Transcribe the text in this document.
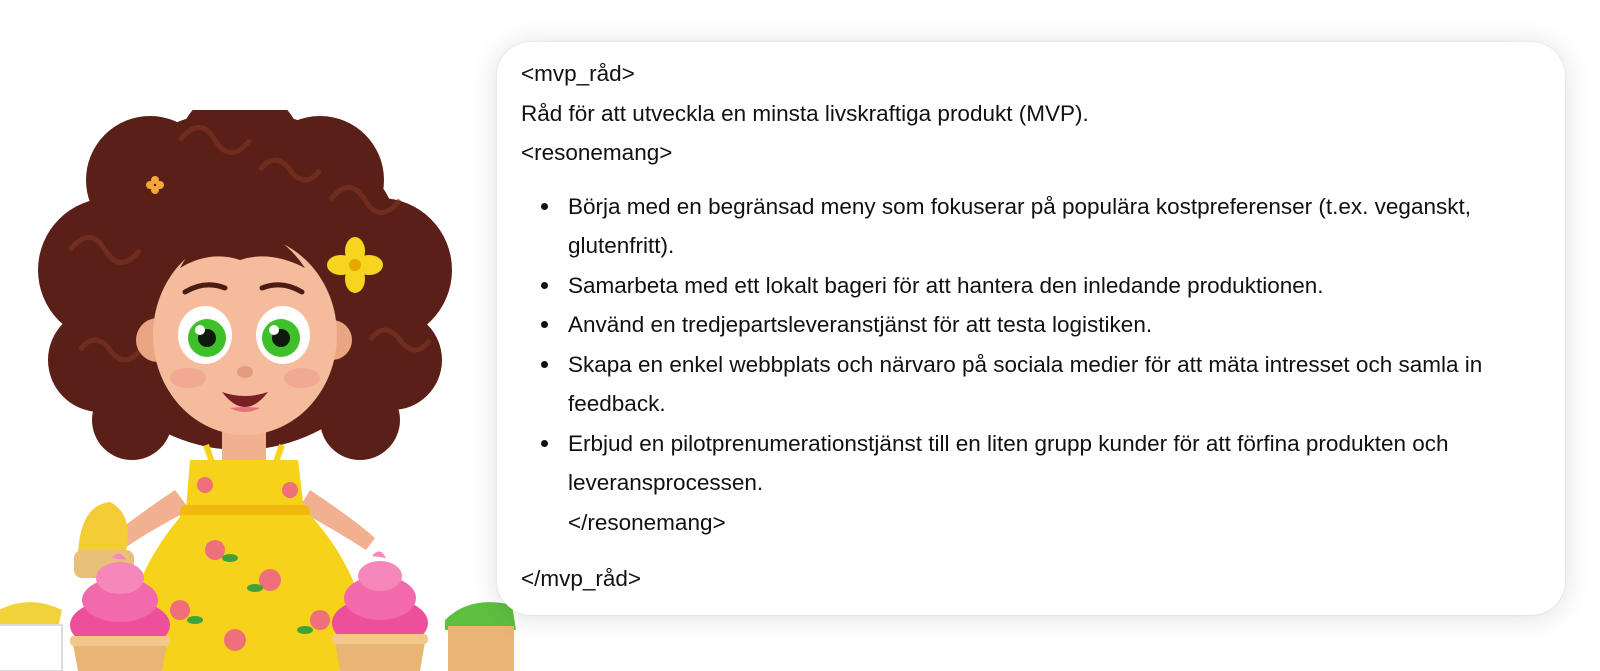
<mvp_råd>

Råd för att utveckla en minsta livskraftiga produkt (MVP).

<resonemang>

Börja med en begränsad meny som fokuserar på populära kostpreferenser (t.ex. veganskt, glutenfritt).
Samarbeta med ett lokalt bageri för att hantera den inledande produktionen.
Använd en tredjepartsleveranstjänst för att testa logistiken.
Skapa en enkel webbplats och närvaro på sociala medier för att mäta intresset och samla in feedback.
Erbjud en pilotprenumerationstjänst till en liten grupp kunder för att förfina produkten och leveransprocessen.

</resonemang>

</mvp_råd>
